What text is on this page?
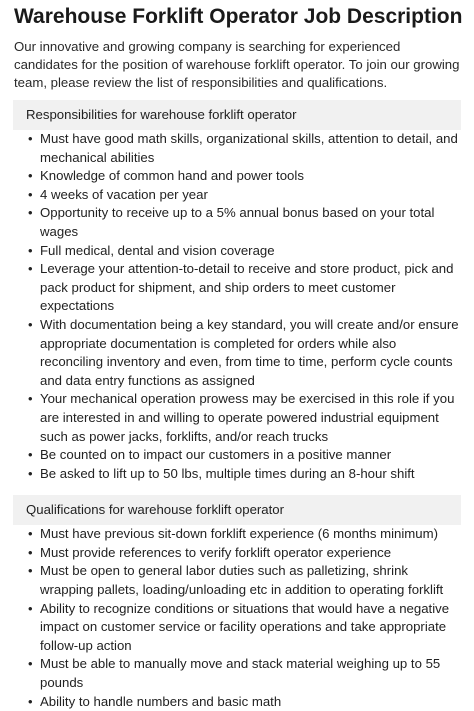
Warehouse Forklift Operator Job Description

Our innovative and growing company is searching for experienced candidates for the position of warehouse forklift operator. To join our growing team, please review the list of responsibilities and qualifications.

Responsibilities for warehouse forklift operator
• Must have good math skills, organizational skills, attention to detail, and mechanical abilities
• Knowledge of common hand and power tools
• 4 weeks of vacation per year
• Opportunity to receive up to a 5% annual bonus based on your total wages
• Full medical, dental and vision coverage
• Leverage your attention-to-detail to receive and store product, pick and pack product for shipment, and ship orders to meet customer expectations
• With documentation being a key standard, you will create and/or ensure appropriate documentation is completed for orders while also reconciling inventory and even, from time to time, perform cycle counts and data entry functions as assigned
• Your mechanical operation prowess may be exercised in this role if you are interested in and willing to operate powered industrial equipment such as power jacks, forklifts, and/or reach trucks
• Be counted on to impact our customers in a positive manner
• Be asked to lift up to 50 lbs, multiple times during an 8-hour shift
Qualifications for warehouse forklift operator
• Must have previous sit-down forklift experience (6 months minimum)
• Must provide references to verify forklift operator experience
• Must be open to general labor duties such as palletizing, shrink wrapping pallets, loading/unloading etc in addition to operating forklift
• Ability to recognize conditions or situations that would have a negative impact on customer service or facility operations and take appropriate follow-up action
• Must be able to manually move and stack material weighing up to 55 pounds
• Ability to handle numbers and basic math
